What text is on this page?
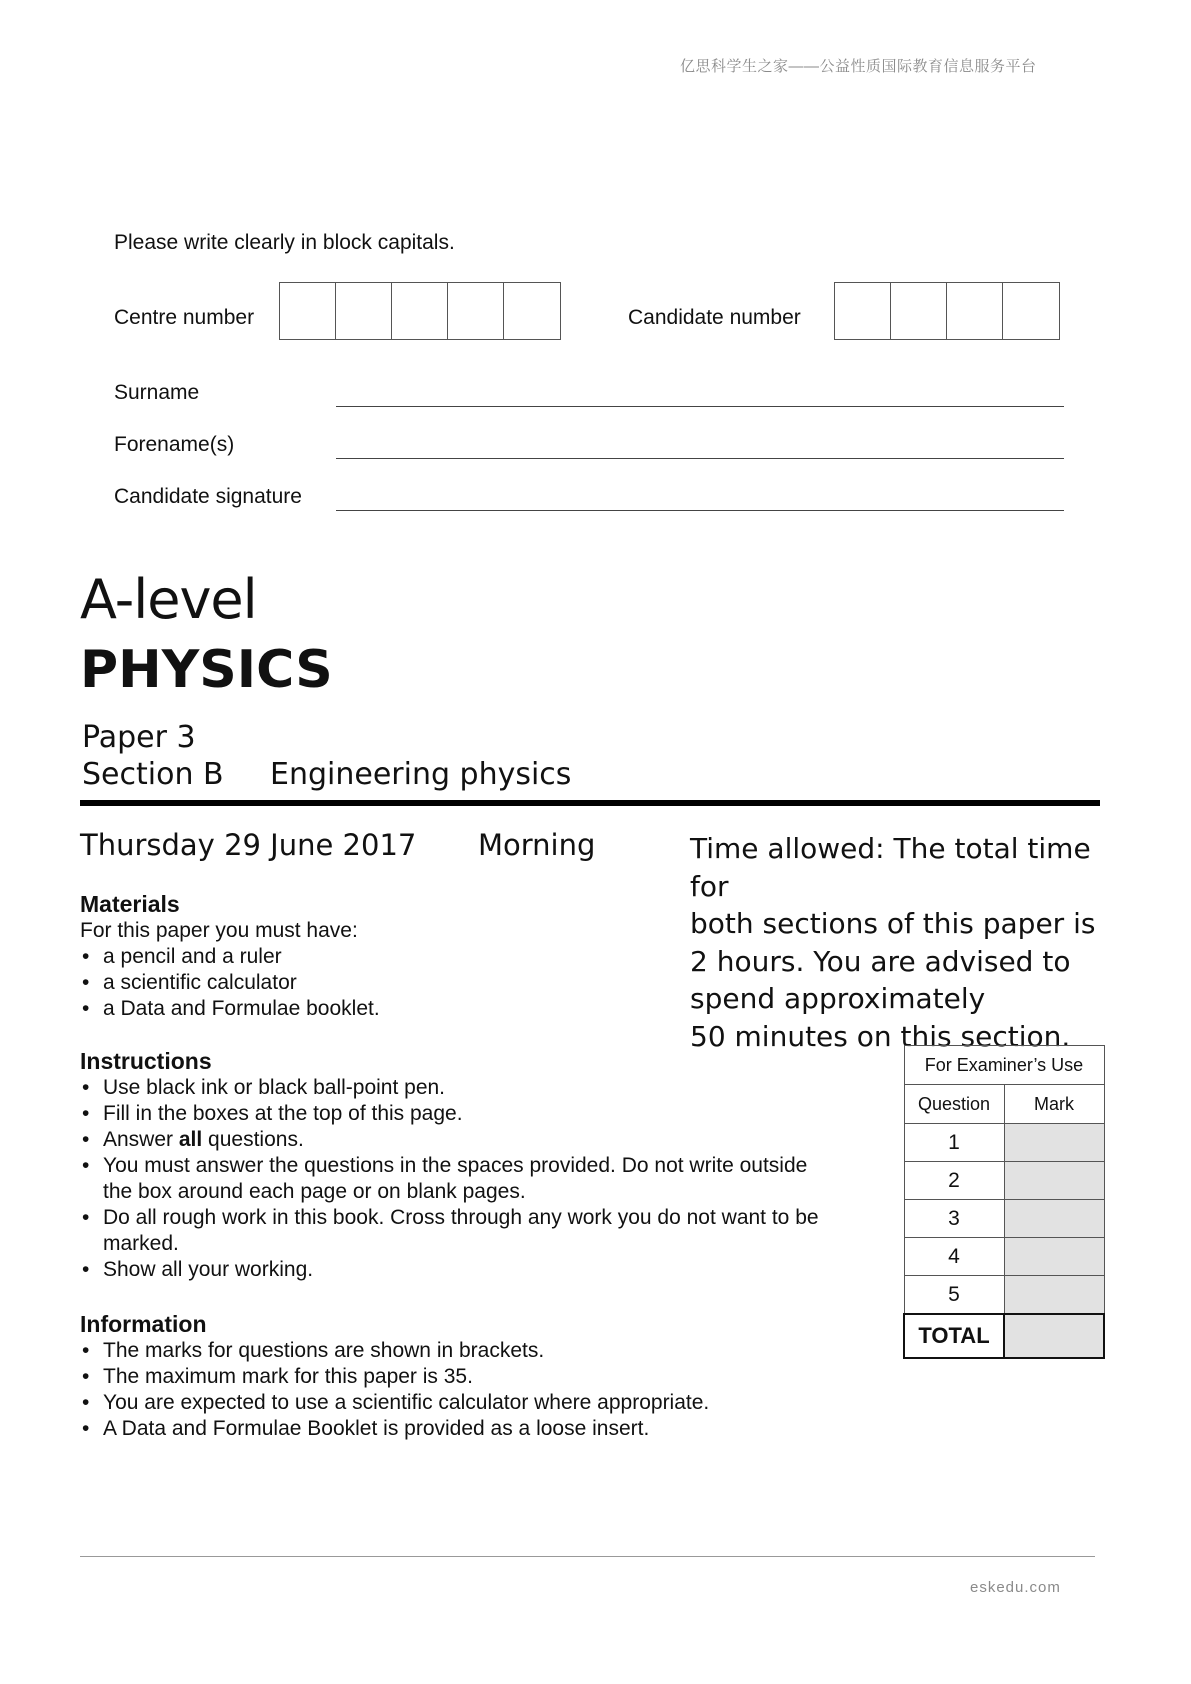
亿思科学生之家——公益性质国际教育信息服务平台
Please write clearly in block capitals.
Centre number	Candidate number
Surname
Forename(s)
Candidate signature
A-level
PHYSICS
Paper 3
Section B Engineering physics
Thursday 29 June 2017 Morning	Time allowed: The total time for
both sections of this paper is
2 hours. You are advised to
spend approximately
50 minutes on this section.
Materials
For this paper you must have:
• a pencil and a ruler
• a scientific calculator
• a Data and Formulae booklet.
Instructions
• Use black ink or black ball-point pen.
• Fill in the boxes at the top of this page.
• Answer all questions.
• You must answer the questions in the spaces provided. Do not write outside the box around each page or on blank pages.
• Do all rough work in this book. Cross through any work you do not want to be marked.
• Show all your working.
Information
• The marks for questions are shown in brackets.
• The maximum mark for this paper is 35.
• You are expected to use a scientific calculator where appropriate.
• A Data and Formulae Booklet is provided as a loose insert.
For Examiner’s Use	
Question	Mark
1	
2	
3	
4	
5	
TOTAL	
eskedu.com
